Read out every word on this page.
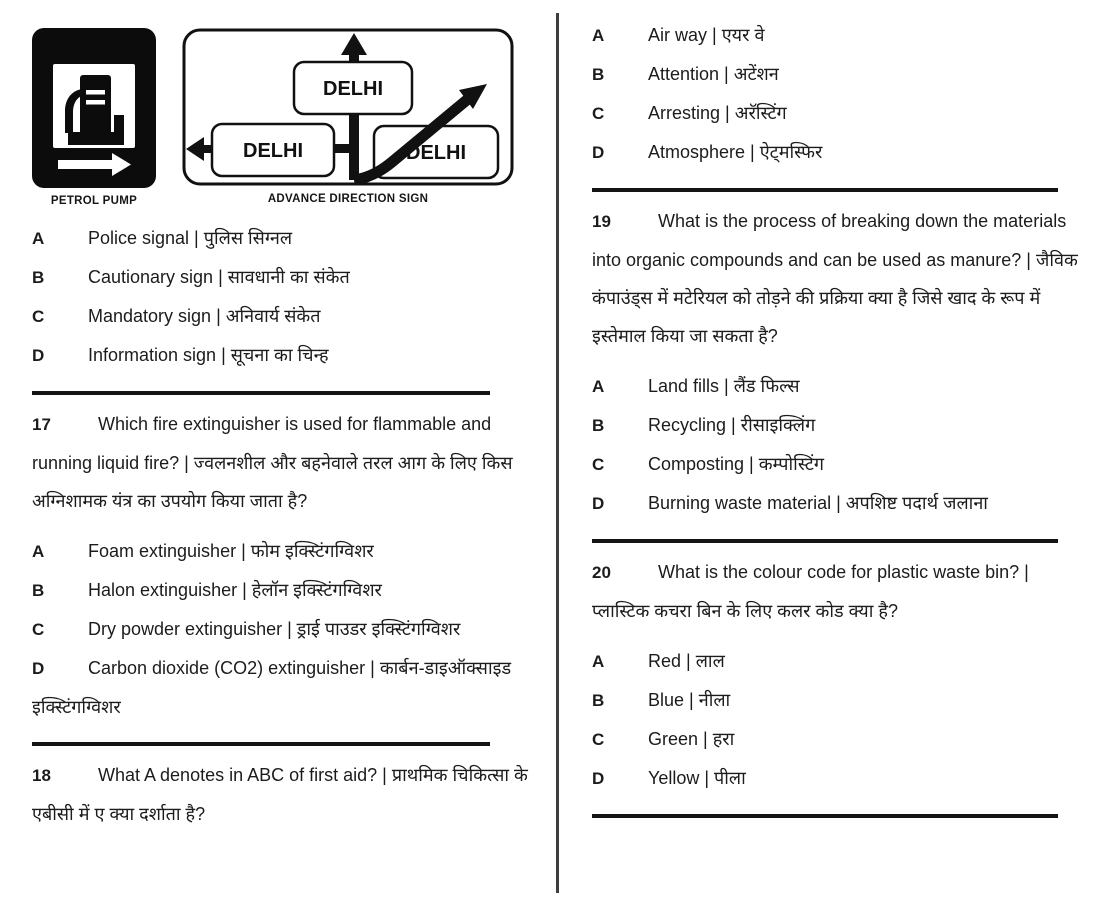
PETROL PUMP
DELHI
DELHI	DELHI
ADVANCE DIRECTION SIGN
A Police signal | पुलिस सिग्नल
B Cautionary sign | सावधानी का संकेत
C Mandatory sign | अनिवार्य संकेत
D Information sign | सूचना का चिन्ह

17	Which fire extinguisher is used for flammable and running liquid fire? | ज्वलनशील और बहनेवाले तरल आग के लिए किस अग्निशामक यंत्र का उपयोग किया जाता है?

A Foam extinguisher | फोम इक्स्टिंगग्विशर
B Halon extinguisher | हेलॉन इक्स्टिंगग्विशर
C Dry powder extinguisher | ड्राई पाउडर इक्स्टिंगग्विशर
D Carbon dioxide (CO2) extinguisher | कार्बन-डाइऑक्साइड इक्स्टिंगग्विशर

18	What A denotes in ABC of first aid? | प्राथमिक चिकित्सा के एबीसी में ए क्या दर्शाता है?

A Air way | एयर वे
B Attention | अटेंशन
C Arresting | अरॅस्टिंग
D Atmosphere | ऐट्मस्फिर

19	What is the process of breaking down the materials into organic compounds and can be used as manure? | जैविक कंपाउंड्स में मटेरियल को तोड़ने की प्रक्रिया क्या है जिसे खाद के रूप में इस्तेमाल किया जा सकता है?

A Land fills | लैंड फिल्स
B Recycling | रीसाइक्लिंग
C Composting | कम्पोस्टिंग
D Burning waste material | अपशिष्ट पदार्थ जलाना

20	What is the colour code for plastic waste bin? | प्लास्टिक कचरा बिन के लिए कलर कोड क्या है?

A Red | लाल
B Blue | नीला
C Green | हरा
D Yellow | पीला
